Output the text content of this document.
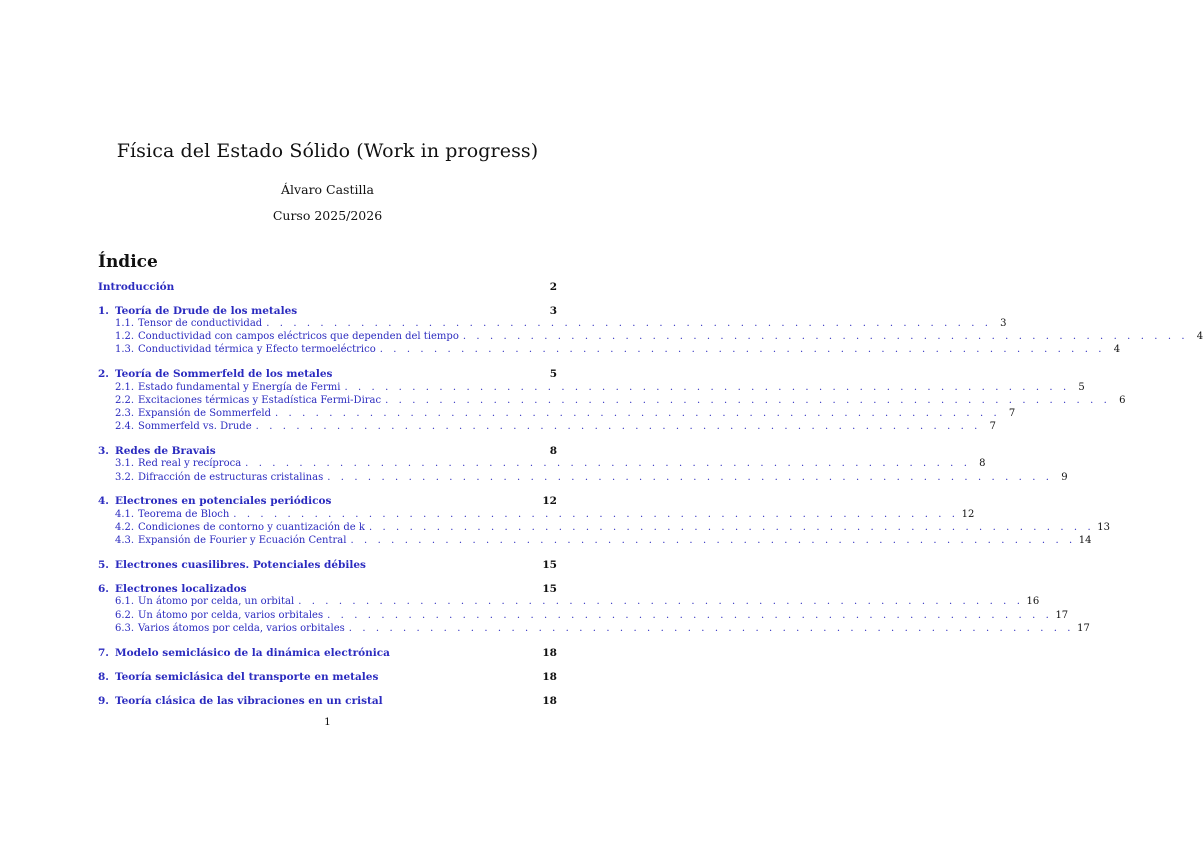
Física del Estado Sólido (Work in progress)
Álvaro Castilla
Curso 2025/2026
Índice
Introducción	2
1. Teoría de Drude de los metales	3
1.1. Tensor de conductividad . . . . . . . . . . . . . . . . . . . . . . . . . . . . . . . . . . . . . . . . . . . . . . . . . . . . . . 3
1.2. Conductividad con campos eléctricos que dependen del tiempo . . . . . . . . . . . . . . . . . . . . . . . . . . . . . . . . . . . . . . . . . . . . . . . . . . . . . . 4
1.3. Conductividad térmica y Efecto termoeléctrico . . . . . . . . . . . . . . . . . . . . . . . . . . . . . . . . . . . . . . . . . . . . . . . . . . . . . . 4
2. Teoría de Sommerfeld de los metales	5
2.1. Estado fundamental y Energía de Fermi . . . . . . . . . . . . . . . . . . . . . . . . . . . . . . . . . . . . . . . . . . . . . . . . . . . . . . 5
2.2. Excitaciones térmicas y Estadística Fermi-Dirac . . . . . . . . . . . . . . . . . . . . . . . . . . . . . . . . . . . . . . . . . . . . . . . . . . . . . . 6
2.3. Expansión de Sommerfeld . . . . . . . . . . . . . . . . . . . . . . . . . . . . . . . . . . . . . . . . . . . . . . . . . . . . . . 7
2.4. Sommerfeld vs. Drude . . . . . . . . . . . . . . . . . . . . . . . . . . . . . . . . . . . . . . . . . . . . . . . . . . . . . . 7
3. Redes de Bravais	8
3.1. Red real y recíproca . . . . . . . . . . . . . . . . . . . . . . . . . . . . . . . . . . . . . . . . . . . . . . . . . . . . . . 8
3.2. Difracción de estructuras cristalinas . . . . . . . . . . . . . . . . . . . . . . . . . . . . . . . . . . . . . . . . . . . . . . . . . . . . . . 9
4. Electrones en potenciales periódicos	12
4.1. Teorema de Bloch . . . . . . . . . . . . . . . . . . . . . . . . . . . . . . . . . . . . . . . . . . . . . . . . . . . . . . 12
4.2. Condiciones de contorno y cuantización de k . . . . . . . . . . . . . . . . . . . . . . . . . . . . . . . . . . . . . . . . . . . . . . . . . . . . . . 13
4.3. Expansión de Fourier y Ecuación Central . . . . . . . . . . . . . . . . . . . . . . . . . . . . . . . . . . . . . . . . . . . . . . . . . . . . . . 14
5. Electrones cuasilibres. Potenciales débiles	15
6. Electrones localizados	15
6.1. Un átomo por celda, un orbital . . . . . . . . . . . . . . . . . . . . . . . . . . . . . . . . . . . . . . . . . . . . . . . . . . . . . . 16
6.2. Un átomo por celda, varios orbitales . . . . . . . . . . . . . . . . . . . . . . . . . . . . . . . . . . . . . . . . . . . . . . . . . . . . . . 17
6.3. Varios átomos por celda, varios orbitales . . . . . . . . . . . . . . . . . . . . . . . . . . . . . . . . . . . . . . . . . . . . . . . . . . . . . . 17
7. Modelo semiclásico de la dinámica electrónica	18
8. Teoría semiclásica del transporte en metales	18
9. Teoría clásica de las vibraciones en un cristal	18
1
